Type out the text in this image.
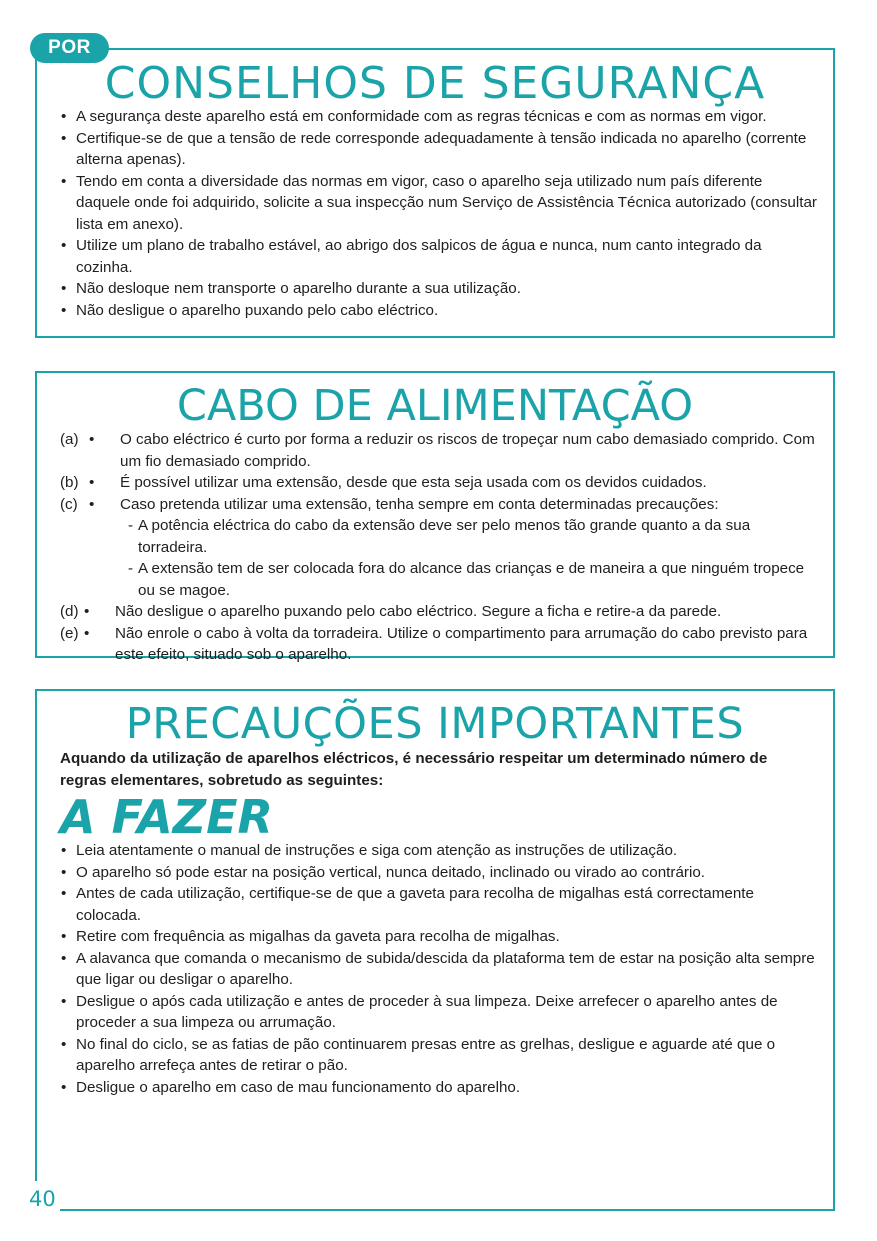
CONSELHOS DE SEGURANÇA
• A segurança deste aparelho está em conformidade com as regras técnicas e com as normas em vigor.
• Certifique-se de que a tensão de rede corresponde adequadamente à tensão indicada no aparelho (corrente alterna apenas).
• Tendo em conta a diversidade das normas em vigor, caso o aparelho seja utilizado num país diferente daquele onde foi adquirido, solicite a sua inspecção num Serviço de Assistência Técnica autorizado (consultar lista em anexo).
• Utilize um plano de trabalho estável, ao abrigo dos salpicos de água e nunca, num canto integrado da cozinha.
• Não desloque nem transporte o aparelho durante a sua utilização.
• Não desligue o aparelho puxando pelo cabo eléctrico.
POR
CABO DE ALIMENTAÇÃO
(a) • O cabo eléctrico é curto por forma a reduzir os riscos de tropeçar num cabo demasiado comprido. Com um fio demasiado comprido.
(b) • É possível utilizar uma extensão, desde que esta seja usada com os devidos cuidados.
(c) • Caso pretenda utilizar uma extensão, tenha sempre em conta determinadas precauções:
- A potência eléctrica do cabo da extensão deve ser pelo menos tão grande quanto a da sua torradeira.
- A extensão tem de ser colocada fora do alcance das crianças e de maneira a que ninguém tropece ou se magoe.
(d) • Não desligue o aparelho puxando pelo cabo eléctrico. Segure a ficha e retire-a da parede.
(e) • Não enrole o cabo à volta da torradeira. Utilize o compartimento para arrumação do cabo previsto para este efeito, situado sob o aparelho.
PRECAUÇÕES IMPORTANTES

Aquando da utilização de aparelhos eléctricos, é necessário respeitar um determinado número de regras elementares, sobretudo as seguintes:

A FAZER
• Leia atentamente o manual de instruções e siga com atenção as instruções de utilização.
• O aparelho só pode estar na posição vertical, nunca deitado, inclinado ou virado ao contrário.
• Antes de cada utilização, certifique-se de que a gaveta para recolha de migalhas está correctamente colocada.
• Retire com frequência as migalhas da gaveta para recolha de migalhas.
• A alavanca que comanda o mecanismo de subida/descida da plataforma tem de estar na posição alta sempre que ligar ou desligar o aparelho.
• Desligue o após cada utilização e antes de proceder à sua limpeza. Deixe arrefecer o aparelho antes de proceder a sua limpeza ou arrumação.
• No final do ciclo, se as fatias de pão continuarem presas entre as grelhas, desligue e aguarde até que o aparelho arrefeça antes de retirar o pão.
• Desligue o aparelho em caso de mau funcionamento do aparelho.
40
